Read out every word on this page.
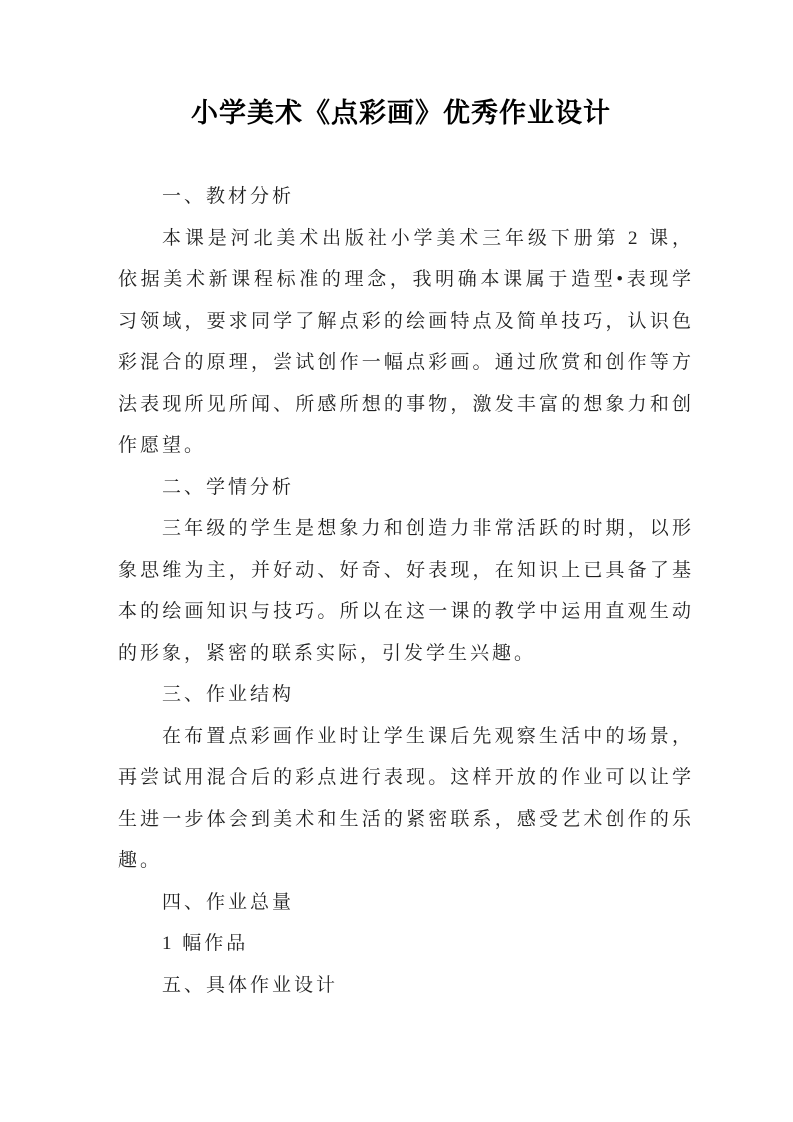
小学美术《点彩画》优秀作业设计

一、教材分析

本课是河北美术出版社小学美术三年级下册第 2 课，依据美术新课程标准的理念，我明确本课属于造型•表现学习领域，要求同学了解点彩的绘画特点及简单技巧，认识色彩混合的原理，尝试创作一幅点彩画。通过欣赏和创作等方法表现所见所闻、所感所想的事物，激发丰富的想象力和创作愿望。

二、学情分析

三年级的学生是想象力和创造力非常活跃的时期，以形象思维为主，并好动、好奇、好表现，在知识上已具备了基本的绘画知识与技巧。所以在这一课的教学中运用直观生动的形象，紧密的联系实际，引发学生兴趣。

三、作业结构

在布置点彩画作业时让学生课后先观察生活中的场景，再尝试用混合后的彩点进行表现。这样开放的作业可以让学生进一步体会到美术和生活的紧密联系，感受艺术创作的乐趣。

四、作业总量

1 幅作品

五、具体作业设计
